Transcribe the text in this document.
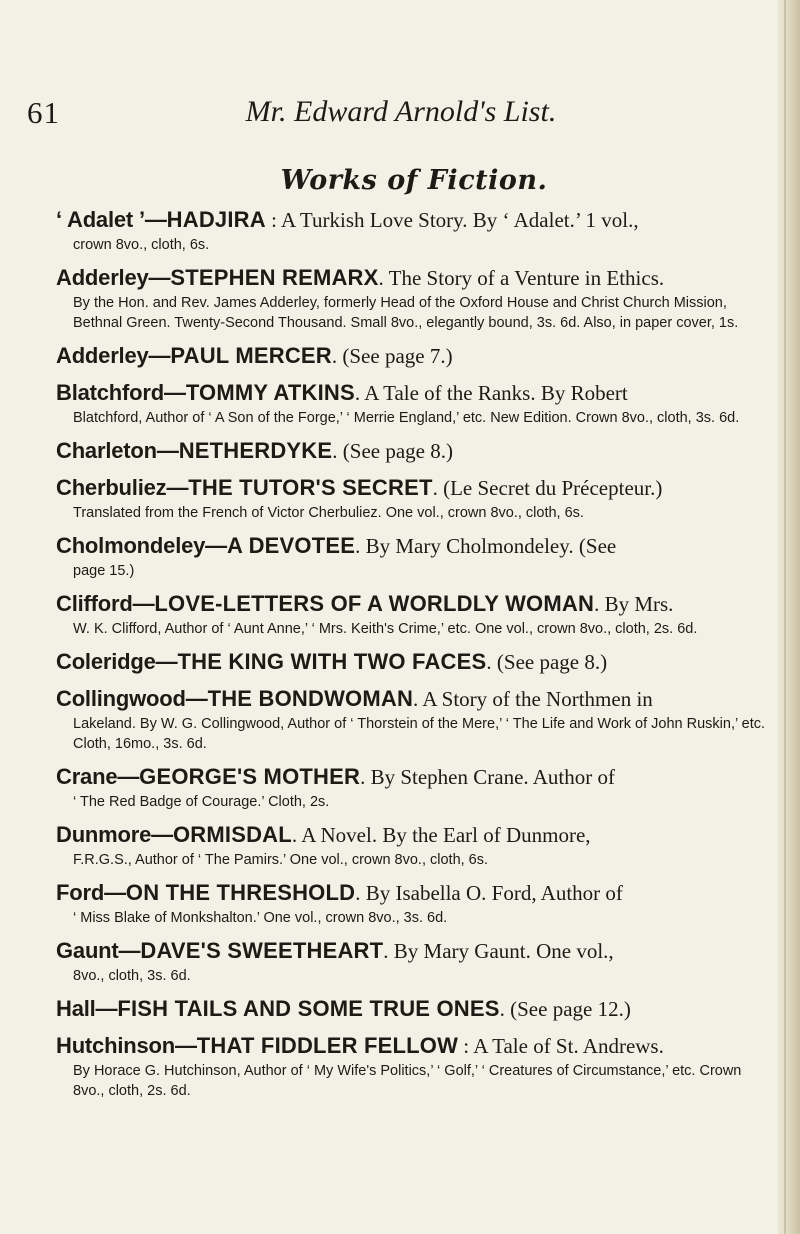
61	Mr. Edward Arnold's List.
Works of Fiction.
‘ Adalet ’—HADJIRA : A Turkish Love Story. By ‘ Adalet.’ 1 vol.,
crown 8vo., cloth, 6s.
Adderley—STEPHEN REMARX. The Story of a Venture in Ethics.
By the Hon. and Rev. James Adderley, formerly Head of the Oxford House and Christ Church Mission, Bethnal Green. Twenty-Second Thousand. Small 8vo., elegantly bound, 3s. 6d. Also, in paper cover, 1s.
Adderley—PAUL MERCER. (See page 7.)
Blatchford—TOMMY ATKINS. A Tale of the Ranks. By Robert
Blatchford, Author of ‘ A Son of the Forge,’ ‘ Merrie England,’ etc. New Edition. Crown 8vo., cloth, 3s. 6d.
Charleton—NETHERDYKE. (See page 8.)
Cherbuliez—THE TUTOR'S SECRET. (Le Secret du Précepteur.)
Translated from the French of Victor Cherbuliez. One vol., crown 8vo., cloth, 6s.
Cholmondeley—A DEVOTEE. By Mary Cholmondeley. (See
page 15.)
Clifford—LOVE-LETTERS OF A WORLDLY WOMAN. By Mrs.
W. K. Clifford, Author of ‘ Aunt Anne,’ ‘ Mrs. Keith's Crime,’ etc. One vol., crown 8vo., cloth, 2s. 6d.
Coleridge—THE KING WITH TWO FACES. (See page 8.)
Collingwood—THE BONDWOMAN. A Story of the Northmen in
Lakeland. By W. G. Collingwood, Author of ‘ Thorstein of the Mere,’ ‘ The Life and Work of John Ruskin,’ etc. Cloth, 16mo., 3s. 6d.
Crane—GEORGE'S MOTHER. By Stephen Crane. Author of
‘ The Red Badge of Courage.’ Cloth, 2s.
Dunmore—ORMISDAL. A Novel. By the Earl of Dunmore,
F.R.G.S., Author of ‘ The Pamirs.’ One vol., crown 8vo., cloth, 6s.
Ford—ON THE THRESHOLD. By Isabella O. Ford, Author of
‘ Miss Blake of Monkshalton.’ One vol., crown 8vo., 3s. 6d.
Gaunt—DAVE'S SWEETHEART. By Mary Gaunt. One vol.,
8vo., cloth, 3s. 6d.
Hall—FISH TAILS AND SOME TRUE ONES. (See page 12.)
Hutchinson—THAT FIDDLER FELLOW : A Tale of St. Andrews.
By Horace G. Hutchinson, Author of ‘ My Wife's Politics,’ ‘ Golf,’ ‘ Creatures of Circumstance,’ etc. Crown 8vo., cloth, 2s. 6d.
